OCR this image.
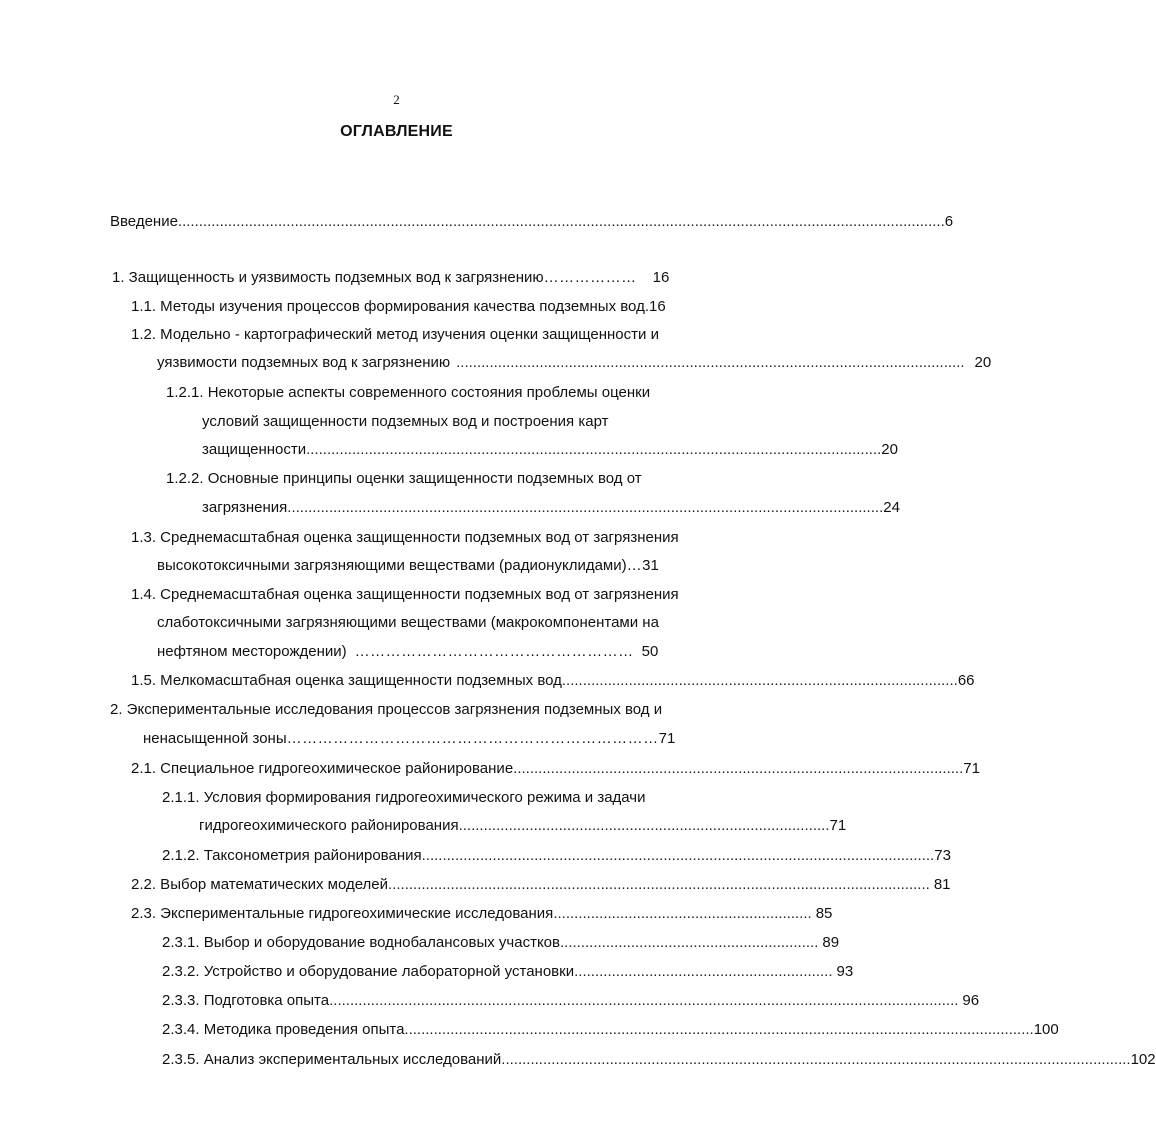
2
ОГЛАВЛЕНИЕ
Введение ........................................................................................................................................................................................ 6
1. Защищенность и уязвимость подземных вод к загрязнению……………… 16
1.1. Методы изучения процессов формирования качества подземных вод.16
1.2. Модельно - картографический метод изучения оценки защищенности и
уязвимости подземных вод к загрязнению .......................................................................................................................... 20
1.2.1. Некоторые аспекты современного состояния проблемы оценки
условий защищенности подземных вод и построения карт
защищенности .......................................................................................................................................... 20
1.2.2. Основные принципы оценки защищенности подземных вод от
загрязнения ............................................................................................................................................... 24
1.3. Среднемасштабная оценка защищенности подземных вод от загрязнения
высокотоксичными загрязняющими веществами (радионуклидами)…31
1.4. Среднемасштабная оценка защищенности подземных вод от загрязнения
слаботоксичными загрязняющими веществами (макрокомпонентами на
нефтяном месторождении) ……………………………………………… 50
1.5. Мелкомасштабная оценка защищенности подземных вод ............................................................................................... 66
2. Экспериментальные исследования процессов загрязнения подземных вод и
ненасыщенной зоны………………………………………………………………71
2.1. Специальное гидрогеохимическое районирование ............................................................................................................ 71
2.1.1. Условия формирования гидрогеохимического режима и задачи
гидрогеохимического районирования ......................................................................................... 71
2.1.2. Таксонометрия районирования ........................................................................................................................... 73
2.2. Выбор математических моделей .................................................................................................................................. 81
2.3. Экспериментальные гидрогеохимические исследования .............................................................. 85
2.3.1. Выбор и оборудование воднобалансовых участков .............................................................. 89
2.3.2. Устройство и оборудование лабораторной установки .............................................................. 93
2.3.3. Подготовка опыта ....................................................................................................................................................... 96
2.3.4. Методика проведения опыта ....................................................................................................................................................... 100
2.3.5. Анализ экспериментальных исследований ....................................................................................................................................................... 102
